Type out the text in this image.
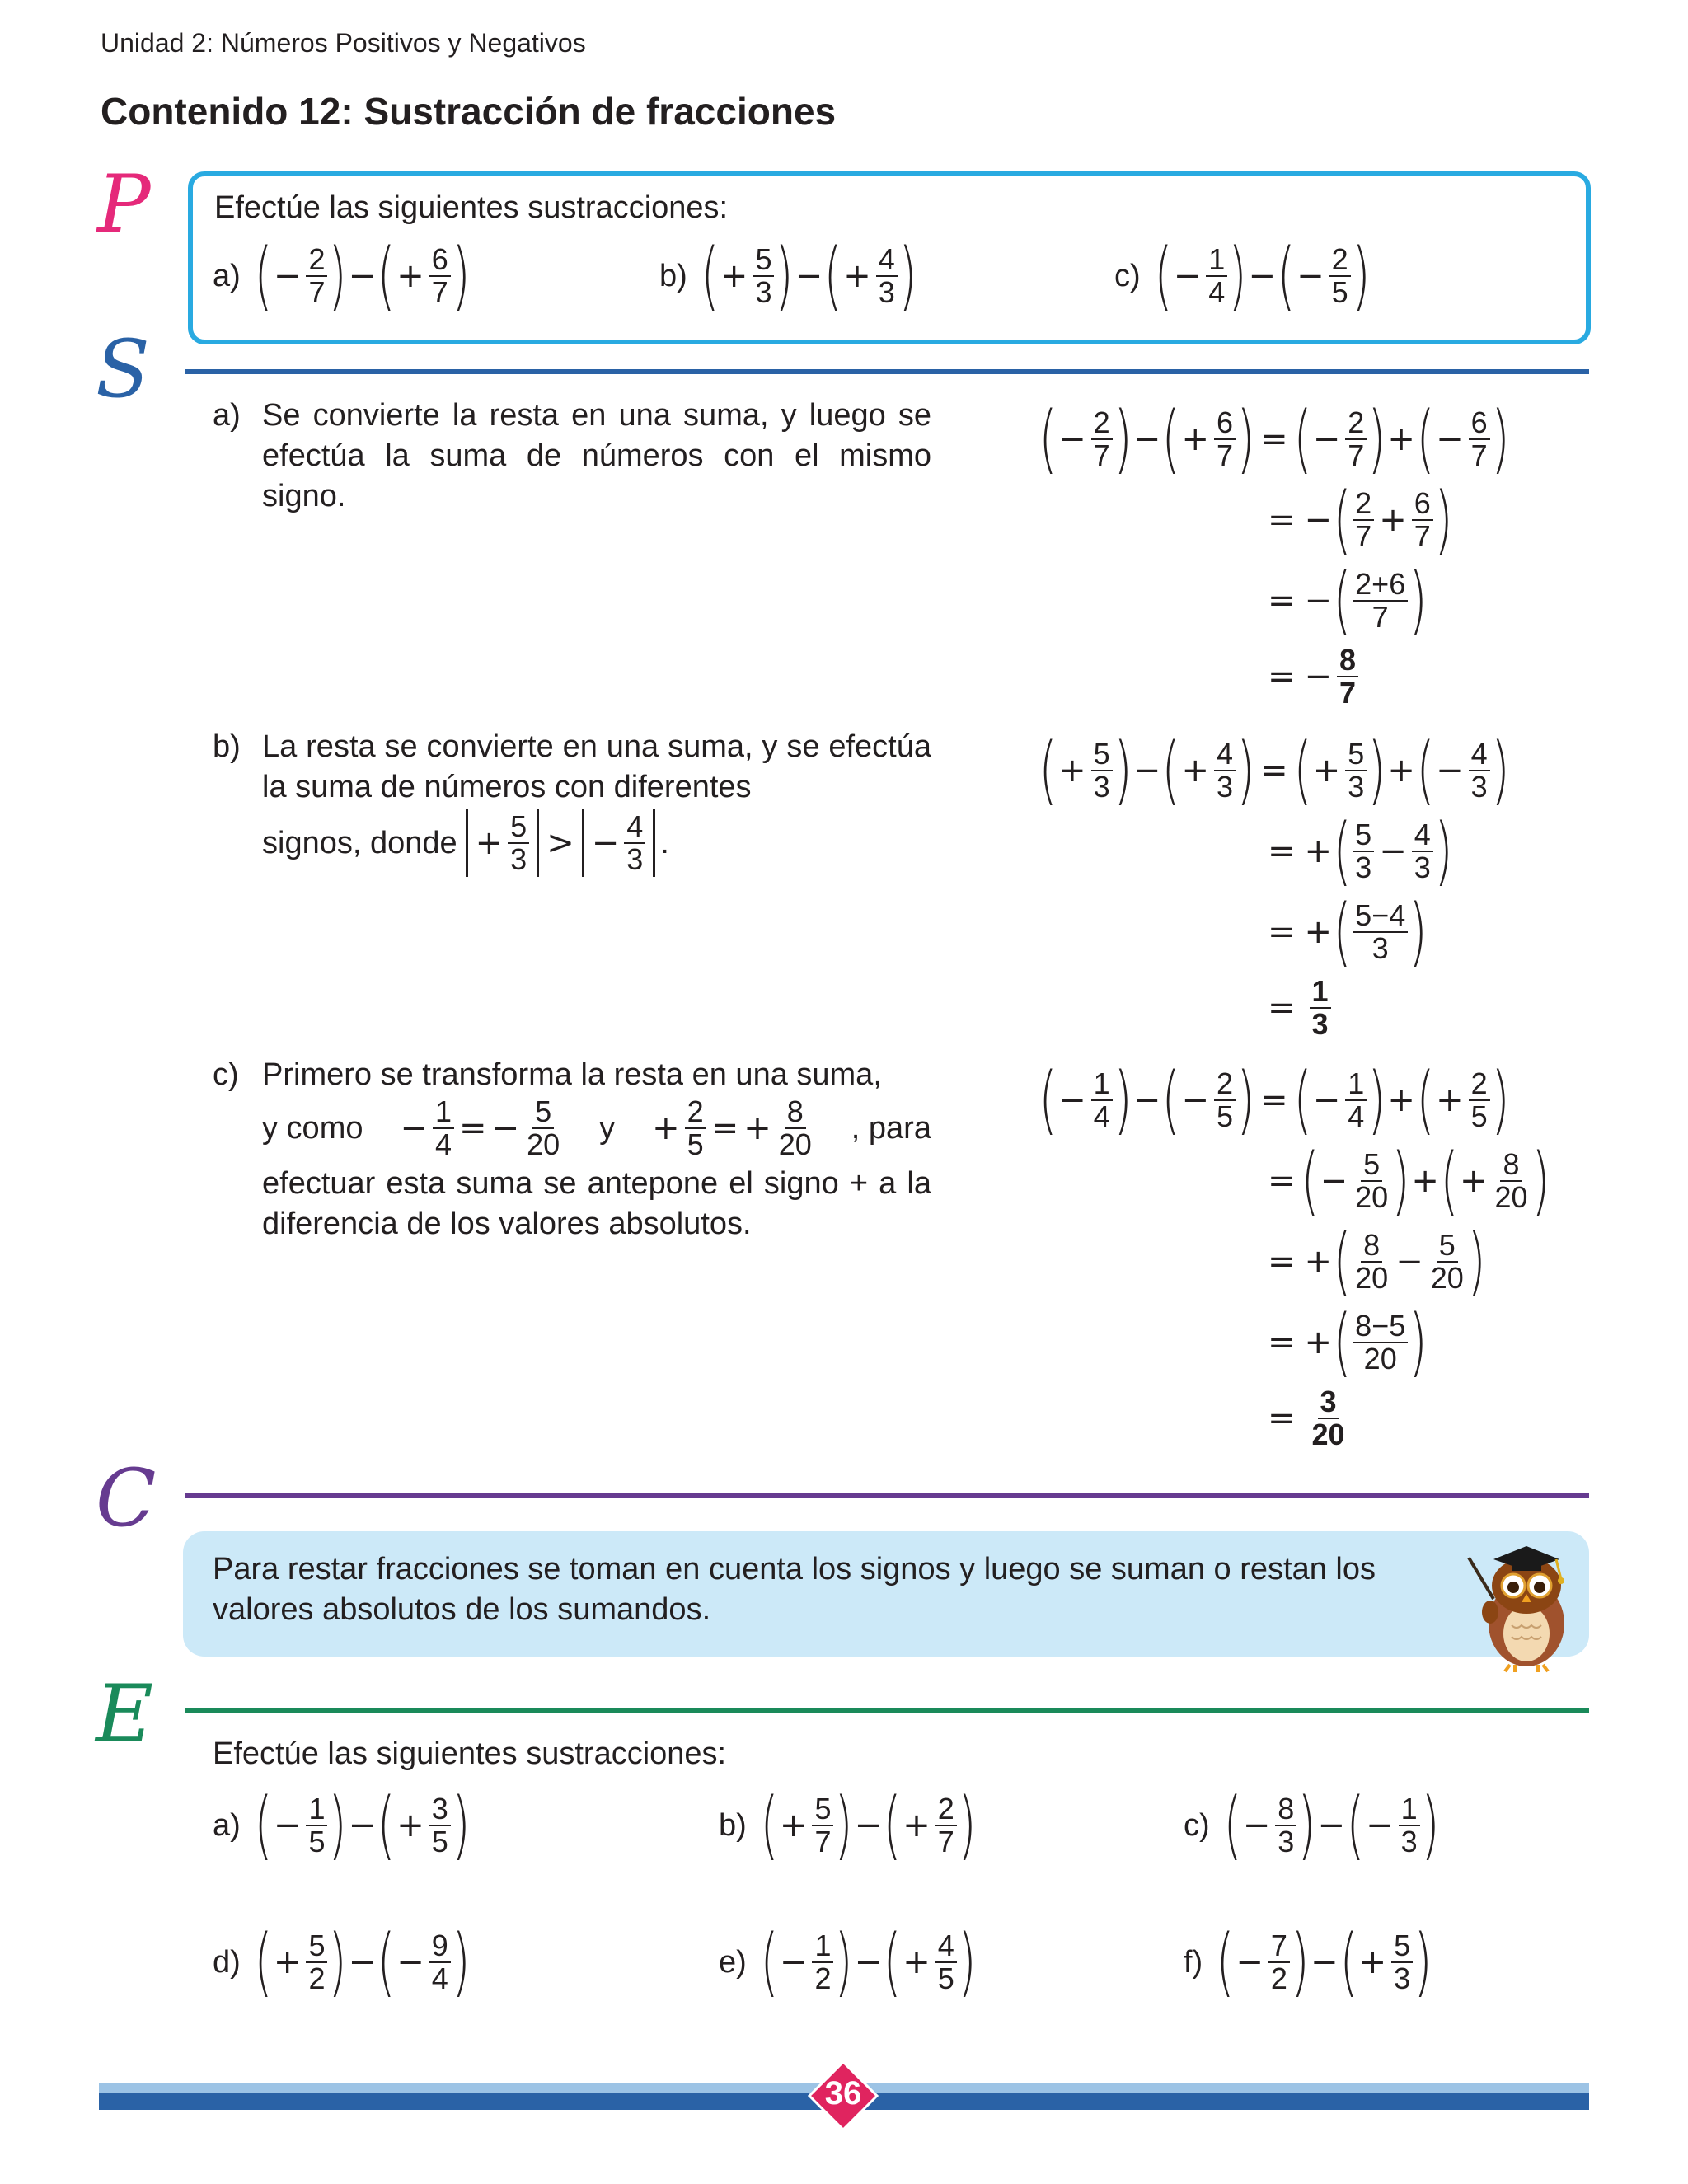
Unidad 2: Números Positivos y Negativos
Contenido 12: Sustracción de fracciones
P Efectúe las siguientes sustracciones:
a) ( − $\frac{2}{7}$ ) − ( + $\frac{6}{7}$ )	b) ( + $\frac{5}{3}$ ) − ( + $\frac{4}{3}$ )	c) ( − $\frac{1}{4}$ ) − ( − $\frac{2}{5}$ )
S a) Se convierte la resta en una suma, y luego se efectúa la suma de números con el mismo signo.
b) La resta se convierte en una suma, y se efectúa la suma de números con diferentes
signos, donde + $\frac{5}{3}$ > − $\frac{4}{3}$ .
c) Primero se transforma la resta en una suma,
y como − $\frac{1}{4}$ = − $\frac{5}{20}$ $y + \frac{2}{5}$ = + $\frac{8}{20}$ , para
efectuar esta suma se antepone el signo + a la diferencia de los valores absolutos.
( − $\frac{2}{7}$ ) − ( + $\frac{6}{7}$ ) = ( − $\frac{2}{7}$ ) + ( − $\frac{6}{7}$ )
= − ( $\frac{2}{7} + \frac{6}{7}$ )
= − ( $\frac{2+6}{7}$ )
= − $\frac{8}{7}$
( + $\frac{5}{3}$ ) − ( + $\frac{4}{3}$ ) = ( + $\frac{5}{3}$ ) + ( − $\frac{4}{3}$ )
= + ( $\frac{5}{3} - \frac{4}{3}$ )
= + ( $\frac{5-4}{3}$ )
= $\frac{1}{3}$
( − $\frac{1}{4}$ ) − ( − $\frac{2}{5}$ ) = ( − $\frac{1}{4}$ ) + ( + $\frac{2}{5}$ )
= ( − $\frac{5}{20}$ ) + ( + $\frac{8}{20}$ )
= + ( $\frac{8}{20} - \frac{5}{20}$ )
= + ( $\frac{8-5}{20}$ )
= $\frac{3}{20}$
C
Para restar fracciones se toman en cuenta los signos y luego se suman o restan los valores absolutos de los sumandos.
E Efectúe las siguientes sustracciones:
a) ( − $\frac{1}{5}$ ) − ( + $\frac{3}{5}$ )	b) ( + $\frac{5}{7}$ ) − ( + $\frac{2}{7}$ )	c) ( − $\frac{8}{3}$ ) − ( − $\frac{1}{3}$ )
d) ( + $\frac{5}{2}$ ) − ( − $\frac{9}{4}$ )	e) ( − $\frac{1}{2}$ ) − ( + $\frac{4}{5}$ )	f) ( − $\frac{7}{2}$ ) − ( + $\frac{5}{3}$ )
36
